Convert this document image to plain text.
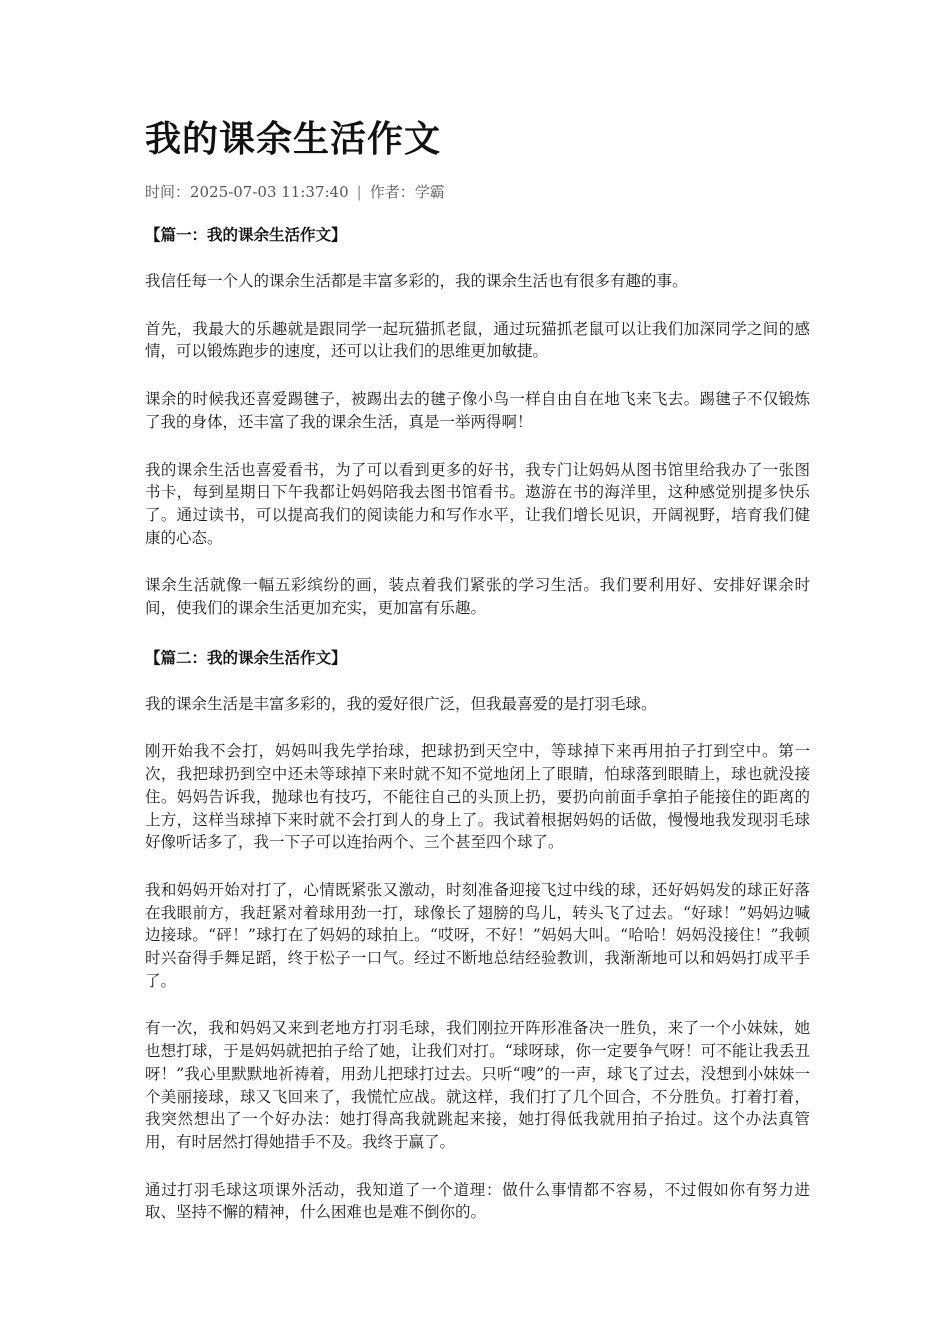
我的课余生活作文
时间：2025-07-03 11:37:40 | 作者：学霸

【篇一：我的课余生活作文】

我信任每一个人的课余生活都是丰富多彩的，我的课余生活也有很多有趣的事。

首先，我最大的乐趣就是跟同学一起玩猫抓老鼠，通过玩猫抓老鼠可以让我们加深同学之间的感情，可以锻炼跑步的速度，还可以让我们的思维更加敏捷。

课余的时候我还喜爱踢毽子，被踢出去的毽子像小鸟一样自由自在地飞来飞去。踢毽子不仅锻炼了我的身体，还丰富了我的课余生活，真是一举两得啊！

我的课余生活也喜爱看书，为了可以看到更多的好书，我专门让妈妈从图书馆里给我办了一张图书卡，每到星期日下午我都让妈妈陪我去图书馆看书。遨游在书的海洋里，这种感觉别提多快乐了。通过读书，可以提高我们的阅读能力和写作水平，让我们增长见识，开阔视野，培育我们健康的心态。

课余生活就像一幅五彩缤纷的画，装点着我们紧张的学习生活。我们要利用好、安排好课余时间，使我们的课余生活更加充实，更加富有乐趣。

【篇二：我的课余生活作文】

我的课余生活是丰富多彩的，我的爱好很广泛，但我最喜爱的是打羽毛球。

刚开始我不会打，妈妈叫我先学抬球，把球扔到天空中，等球掉下来再用拍子打到空中。第一次，我把球扔到空中还未等球掉下来时就不知不觉地闭上了眼睛，怕球落到眼睛上，球也就没接住。妈妈告诉我，抛球也有技巧，不能往自己的头顶上扔，要扔向前面手拿拍子能接住的距离的上方，这样当球掉下来时就不会打到人的身上了。我试着根据妈妈的话做，慢慢地我发现羽毛球好像听话多了，我一下子可以连抬两个、三个甚至四个球了。

我和妈妈开始对打了，心情既紧张又激动，时刻准备迎接飞过中线的球，还好妈妈发的球正好落在我眼前方，我赶紧对着球用劲一打，球像长了翅膀的鸟儿，转头飞了过去。“好球！”妈妈边喊边接球。“砰！”球打在了妈妈的球拍上。“哎呀，不好！”妈妈大叫。“哈哈！妈妈没接住！”我顿时兴奋得手舞足蹈，终于松子一口气。经过不断地总结经验教训，我渐渐地可以和妈妈打成平手了。

有一次，我和妈妈又来到老地方打羽毛球，我们刚拉开阵形准备决一胜负，来了一个小妹妹，她也想打球，于是妈妈就把拍子给了她，让我们对打。“球呀球，你一定要争气呀！可不能让我丢丑呀！”我心里默默地祈祷着，用劲儿把球打过去。只听“嗖”的一声，球飞了过去，没想到小妹妹一个美丽接球，球又飞回来了，我慌忙应战。就这样，我们打了几个回合，不分胜负。打着打着，我突然想出了一个好办法：她打得高我就跳起来接，她打得低我就用拍子抬过。这个办法真管用，有时居然打得她措手不及。我终于赢了。

通过打羽毛球这项课外活动，我知道了一个道理：做什么事情都不容易，不过假如你有努力进取、坚持不懈的精神，什么困难也是难不倒你的。
